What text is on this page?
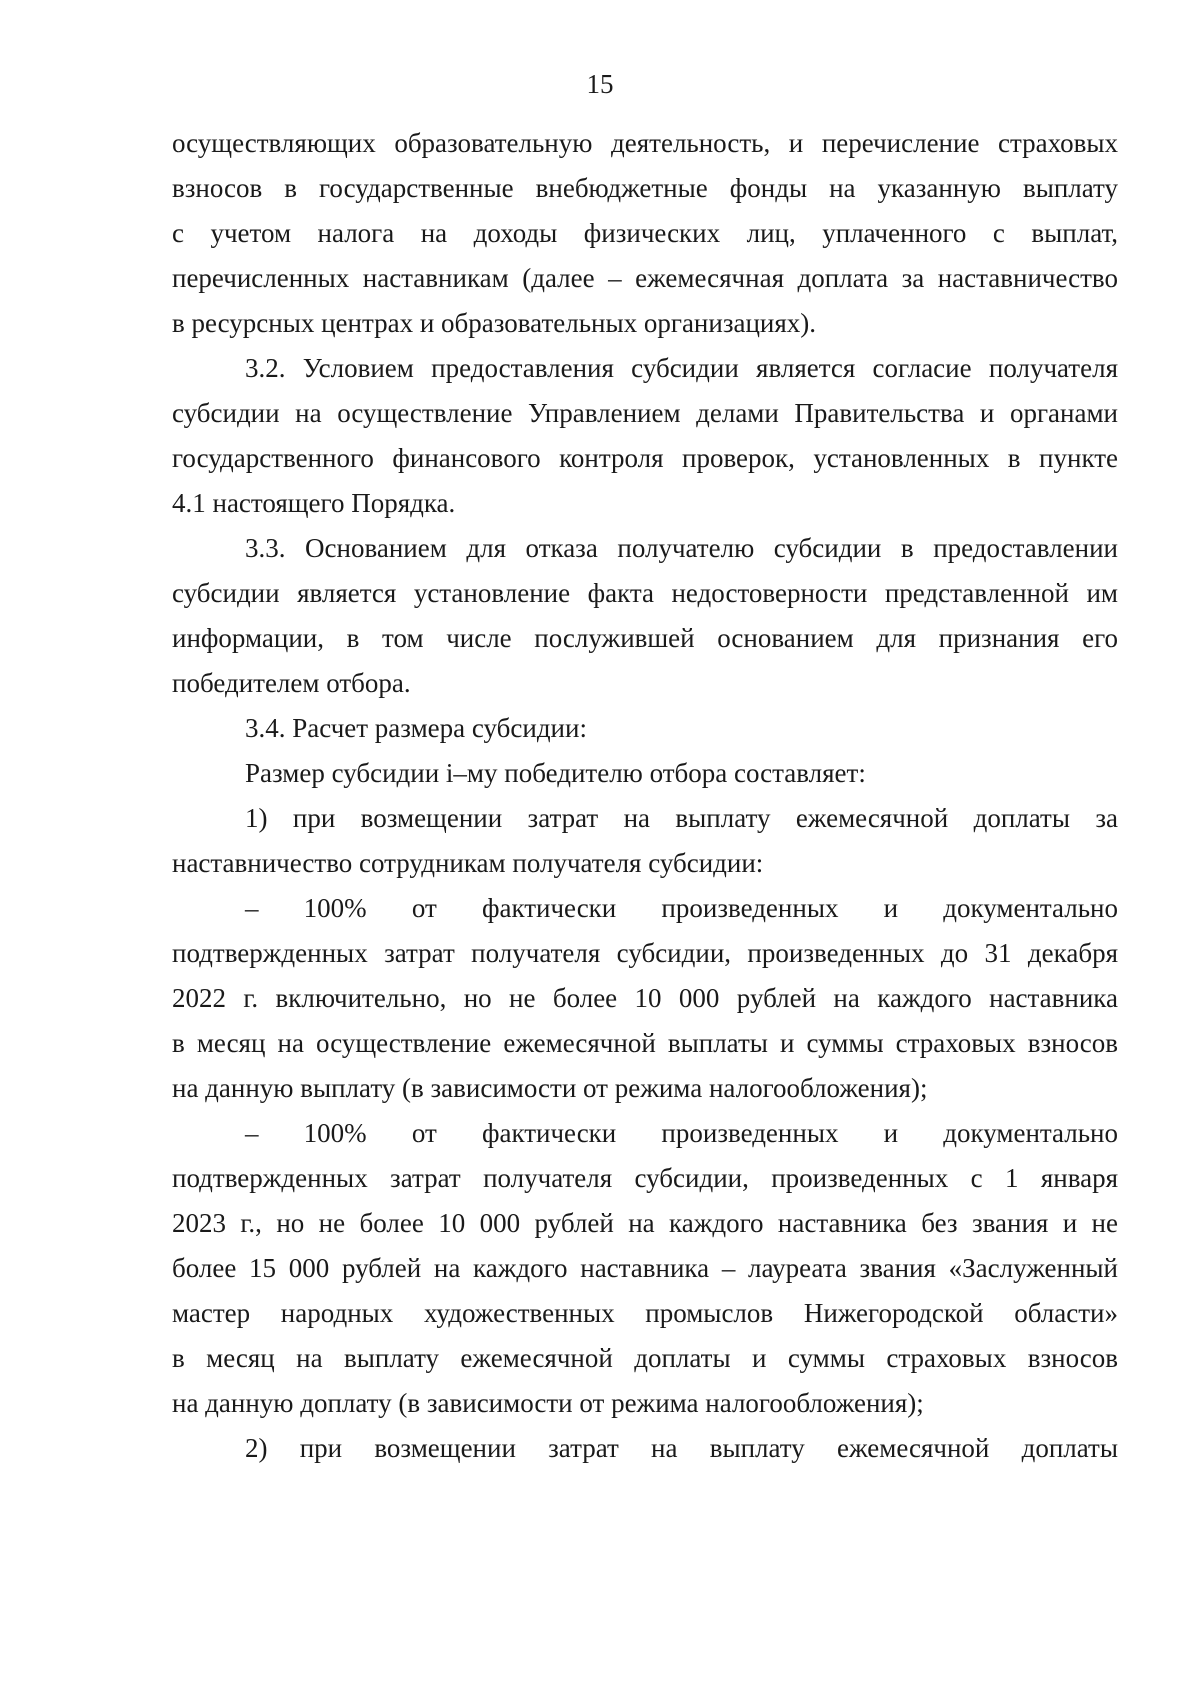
15
осуществляющих образовательную деятельность, и перечисление страховых
взносов в государственные внебюджетные фонды на указанную выплату
с учетом налога на доходы физических лиц, уплаченного с выплат,
перечисленных наставникам (далее – ежемесячная доплата за наставничество
в ресурсных центрах и образовательных организациях).
3.2. Условием предоставления субсидии является согласие получателя
субсидии на осуществление Управлением делами Правительства и органами
государственного финансового контроля проверок, установленных в пункте
4.1 настоящего Порядка.
3.3. Основанием для отказа получателю субсидии в предоставлении
субсидии является установление факта недостоверности представленной им
информации, в том числе послужившей основанием для признания его
победителем отбора.
3.4. Расчет размера субсидии:
Размер субсидии i–му победителю отбора составляет:
1) при возмещении затрат на выплату ежемесячной доплаты за
наставничество сотрудникам получателя субсидии:
– 100% от фактически произведенных и документально
подтвержденных затрат получателя субсидии, произведенных до 31 декабря
2022 г. включительно, но не более 10 000 рублей на каждого наставника
в месяц на осуществление ежемесячной выплаты и суммы страховых взносов
на данную выплату (в зависимости от режима налогообложения);
– 100% от фактически произведенных и документально
подтвержденных затрат получателя субсидии, произведенных с 1 января
2023 г., но не более 10 000 рублей на каждого наставника без звания и не
более 15 000 рублей на каждого наставника – лауреата звания «Заслуженный
мастер народных художественных промыслов Нижегородской области»
в месяц на выплату ежемесячной доплаты и суммы страховых взносов
на данную доплату (в зависимости от режима налогообложения);
2) при возмещении затрат на выплату ежемесячной доплаты
